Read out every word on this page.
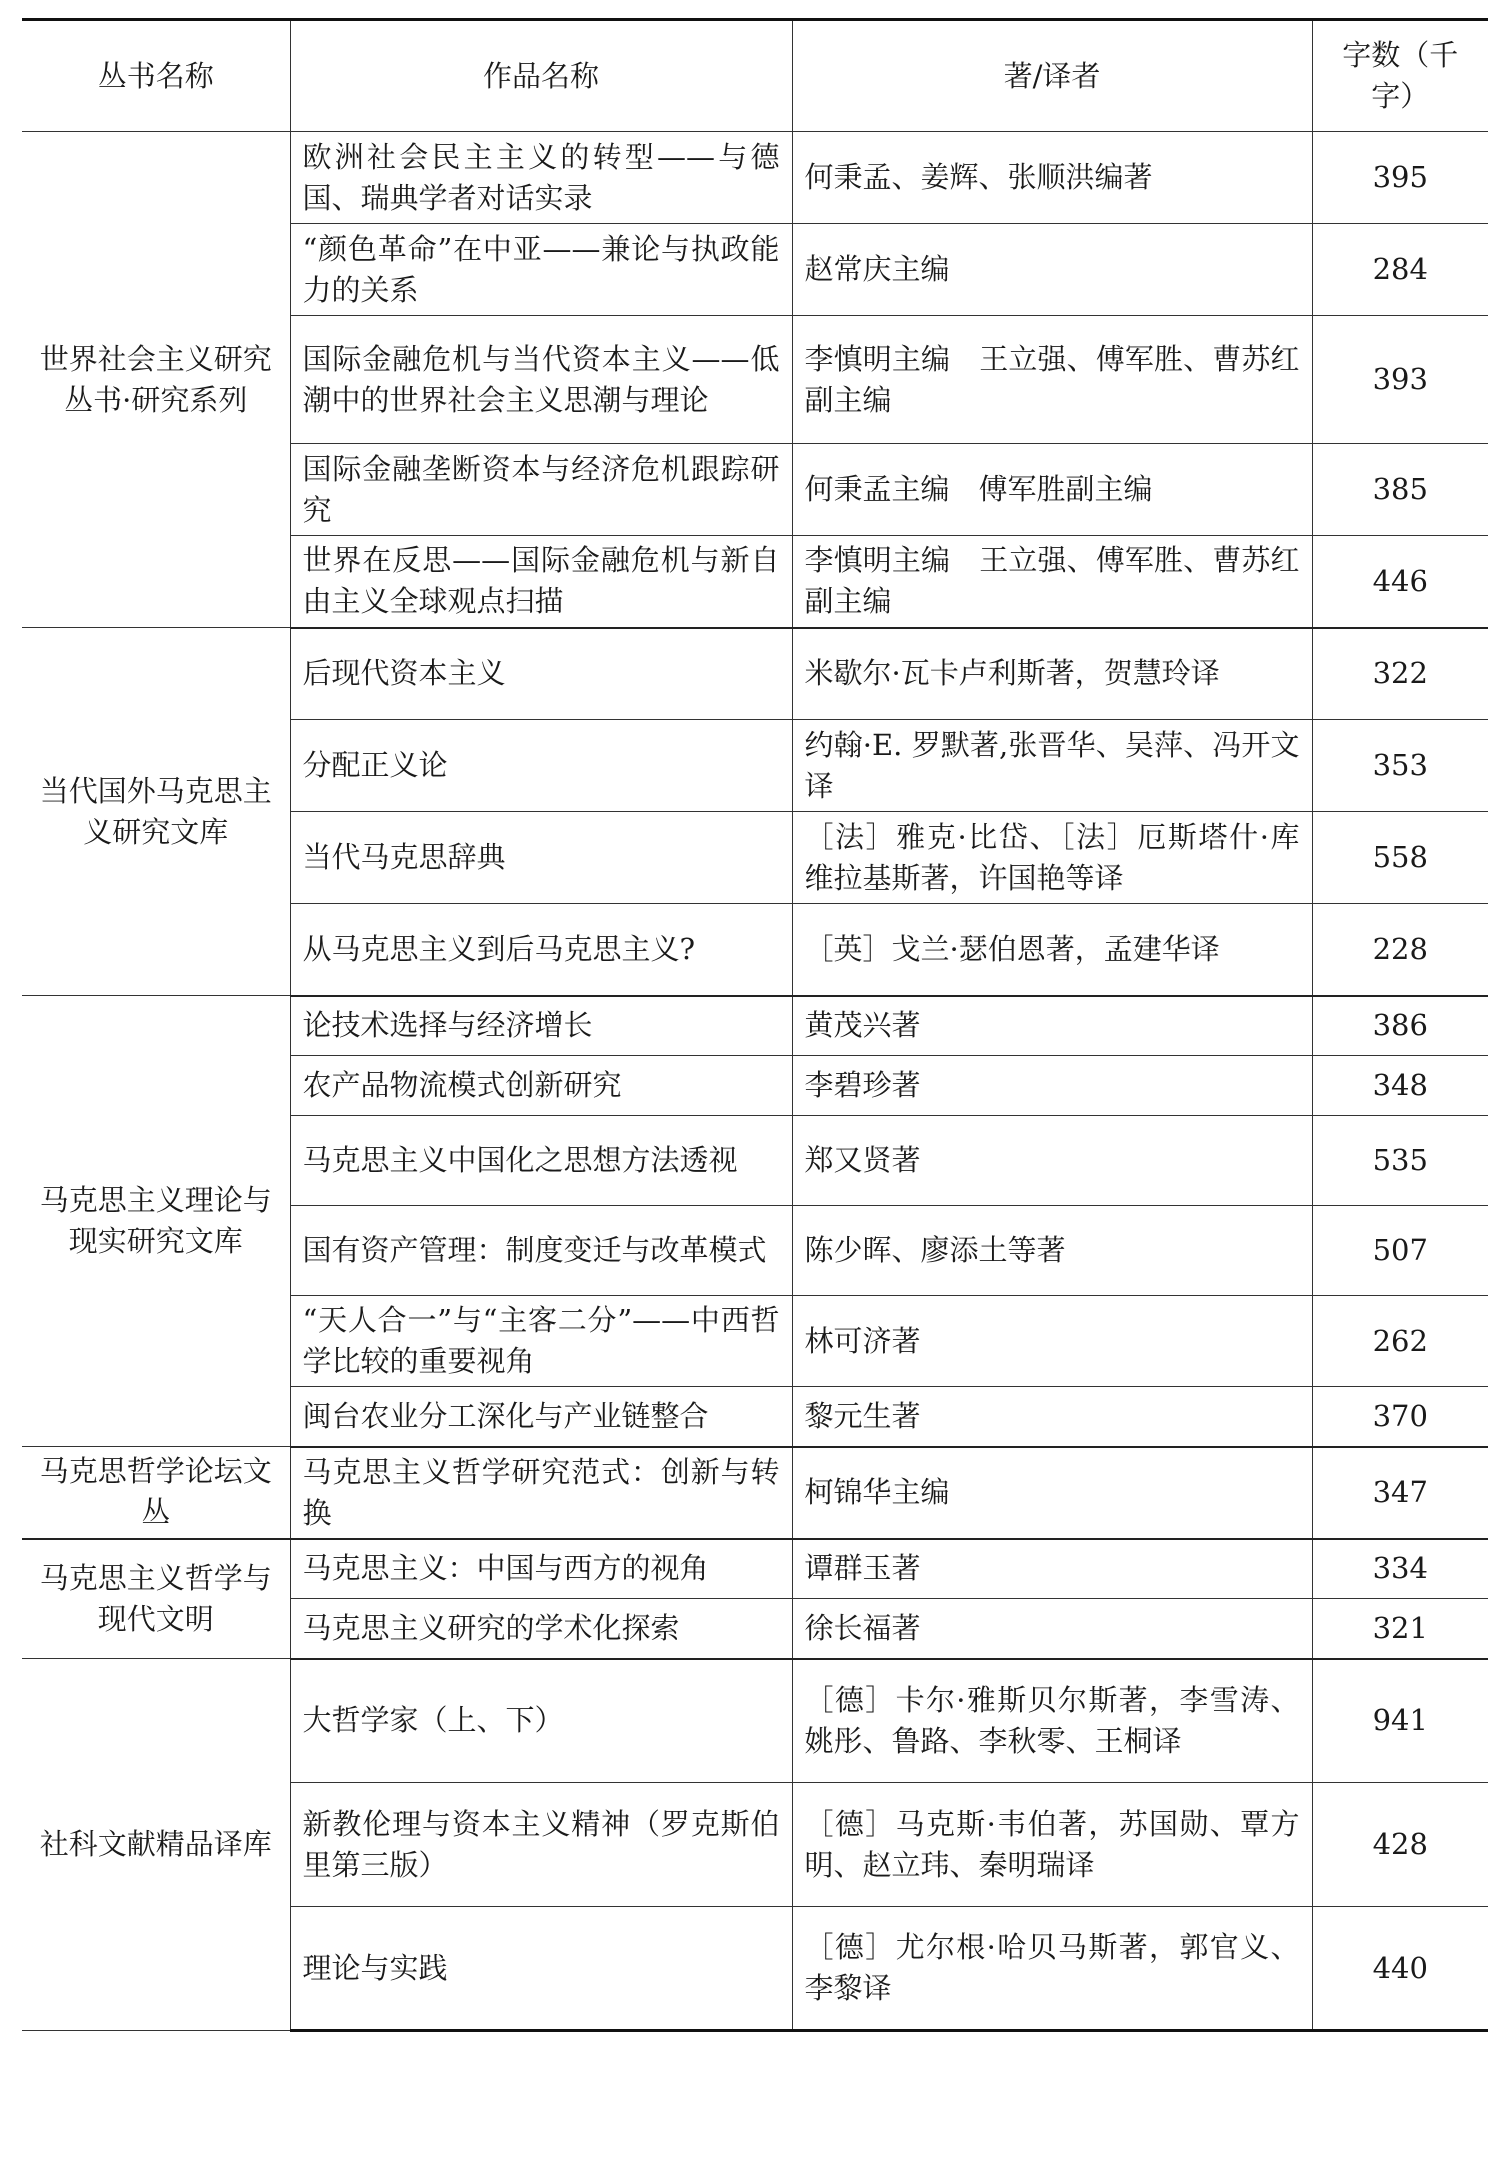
丛书名称	作品名称	著/译者	字数（千字）
世界社会主义研究丛书·研究系列	欧洲社会民主主义的转型——与德国、瑞典学者对话实录	何秉孟、姜辉、张顺洪编著	395
	“颜色革命”在中亚——兼论与执政能力的关系	赵常庆主编	284
	国际金融危机与当代资本主义——低潮中的世界社会主义思潮与理论	李慎明主编　王立强、傅军胜、曹苏红副主编	393
	国际金融垄断资本与经济危机跟踪研究	何秉孟主编　傅军胜副主编	385
	世界在反思——国际金融危机与新自由主义全球观点扫描	李慎明主编　王立强、傅军胜、曹苏红副主编	446
当代国外马克思主义研究文库	后现代资本主义	米歇尔·瓦卡卢利斯著，贺慧玲译	322
	分配正义论	约翰·E. 罗默著,张晋华、吴萍、冯开文译	353
	当代马克思辞典	［法］雅克·比岱、［法］厄斯塔什·库维拉基斯著，许国艳等译	558
	从马克思主义到后马克思主义?	［英］戈兰·瑟伯恩著，孟建华译	228
马克思主义理论与现实研究文库	论技术选择与经济增长	黄茂兴著	386
	农产品物流模式创新研究	李碧珍著	348
	马克思主义中国化之思想方法透视	郑又贤著	535
	国有资产管理：制度变迁与改革模式	陈少晖、廖添土等著	507
	“天人合一”与“主客二分”——中西哲学比较的重要视角	林可济著	262
	闽台农业分工深化与产业链整合	黎元生著	370
马克思哲学论坛文丛	马克思主义哲学研究范式：创新与转换	柯锦华主编	347
马克思主义哲学与现代文明	马克思主义：中国与西方的视角	谭群玉著	334
	马克思主义研究的学术化探索	徐长福著	321
社科文献精品译库	大哲学家（上、下）	［德］卡尔·雅斯贝尔斯著，李雪涛、姚彤、鲁路、李秋零、王桐译	941
	新教伦理与资本主义精神（罗克斯伯里第三版）	［德］马克斯·韦伯著，苏国勋、覃方明、赵立玮、秦明瑞译	428
	理论与实践	［德］尤尔根·哈贝马斯著，郭官义、李黎译	440
